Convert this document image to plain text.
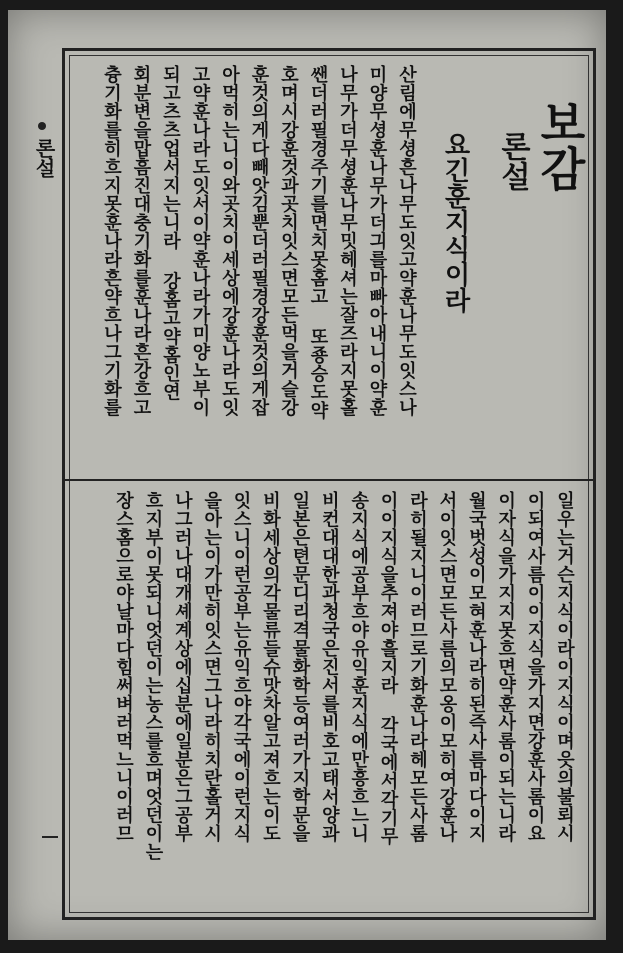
론설	보감
론설
요긴훈지식이라
산림에무셩흔나무도잇고약훈나무도잇스나
미양무셩훈나무가더긔를마빠아내니이약훈
나무가더무셩훈나무밋헤셔는잘즈라지못홀
쌘더러필경주기를면치못홈고 또죵승도약
호며시강훈것과곳치잇스면모든먹을거슬강
훈것의게다빼앗김뿐더러필경강훈것의게잡
아먹히는니이와곳치이세상에강훈나라도잇
고약훈나라도잇서이약훈나라가미양노부이
되고츠츠업서지는니라 강홈고약홈인연
회분변을맙흠진대충기화를훈나라흔강흐고
츙기화를히흐지못훈나라흔약흐나그기화를
일우는거슨지식이라이지식이며읏의불뢰시
이되여사름이이지식을가지면강훈사롬이요
이자식을가지지못흐면약훈사롬이되는니라
월국벗성이모혀훈나라히된즉사름마다이지
서이잇스면모든사름의모옹이모히여강훈나
라히될지니이러므로기화훈나라헤모든사롬
이이지식을추져야흘지라 각국에서각기무
송지식에공부흐야유익훈지식에만흥흐느니
비컨대대한과청국은진서를비호고태서양과
일본은텬문디리격물화학등여러가지학문을
비화세상의각물류들슈맛차알고져흐는이도
잇스니이런공부는유익흐야각국에이런지식
을아는이가만히잇스면그나라히치란홀거시
나그러나대개셰계상에십분에일분은그공부
흐지부이못되니엇던이는농스를흐며엇던이는
장스홈으로야날마다힘써벼러먹느니이러므
